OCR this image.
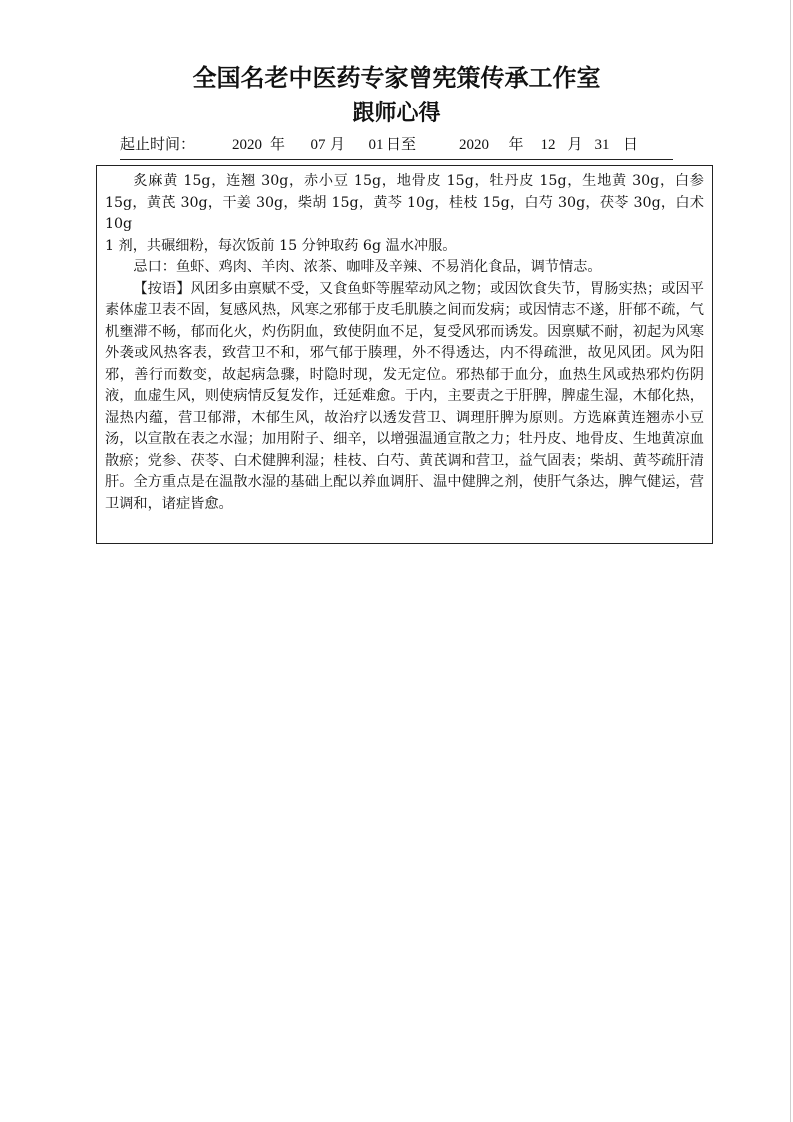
全国名老中医药专家曾宪策传承工作室
跟师心得
起止时间： 2020 年 07 月 01 日至	2020 年 12 月 31 日

炙麻黄 15g，连翘 30g，赤小豆 15g，地骨皮 15g，牡丹皮 15g，生地黄 30g，白参 15g，黄芪 30g，干姜 30g，柴胡 15g，黄芩 10g，桂枝 15g，白芍 30g，茯苓 30g，白术 10g

1 剂，共碾细粉，每次饭前 15 分钟取药 6g 温水冲服。

忌口：鱼虾、鸡肉、羊肉、浓茶、咖啡及辛辣、不易消化食品，调节情志。

【按语】风团多由禀赋不受，又食鱼虾等腥荤动风之物；或因饮食失节，胃肠实热；或因平素体虚卫表不固，复感风热，风寒之邪郁于皮毛肌腠之间而发病；或因情志不遂，肝郁不疏，气机壅滞不畅，郁而化火，灼伤阴血，致使阴血不足，复受风邪而诱发。因禀赋不耐，初起为风寒外袭或风热客表，致营卫不和，邪气郁于腠理，外不得透达，内不得疏泄，故见风团。风为阳邪，善行而数变，故起病急骤，时隐时现，发无定位。邪热郁于血分，血热生风或热邪灼伤阴液，血虚生风，则使病情反复发作，迁延难愈。于内，主要责之于肝脾，脾虚生湿，木郁化热，湿热内蕴，营卫郁滞，木郁生风，故治疗以透发营卫、调理肝脾为原则。方选麻黄连翘赤小豆汤，以宣散在表之水湿；加用附子、细辛，以增强温通宣散之力；牡丹皮、地骨皮、生地黄凉血散瘀；党参、茯苓、白术健脾利湿；桂枝、白芍、黄芪调和营卫，益气固表；柴胡、黄芩疏肝清肝。全方重点是在温散水湿的基础上配以养血调肝、温中健脾之剂，使肝气条达，脾气健运，营卫调和，诸症皆愈。
